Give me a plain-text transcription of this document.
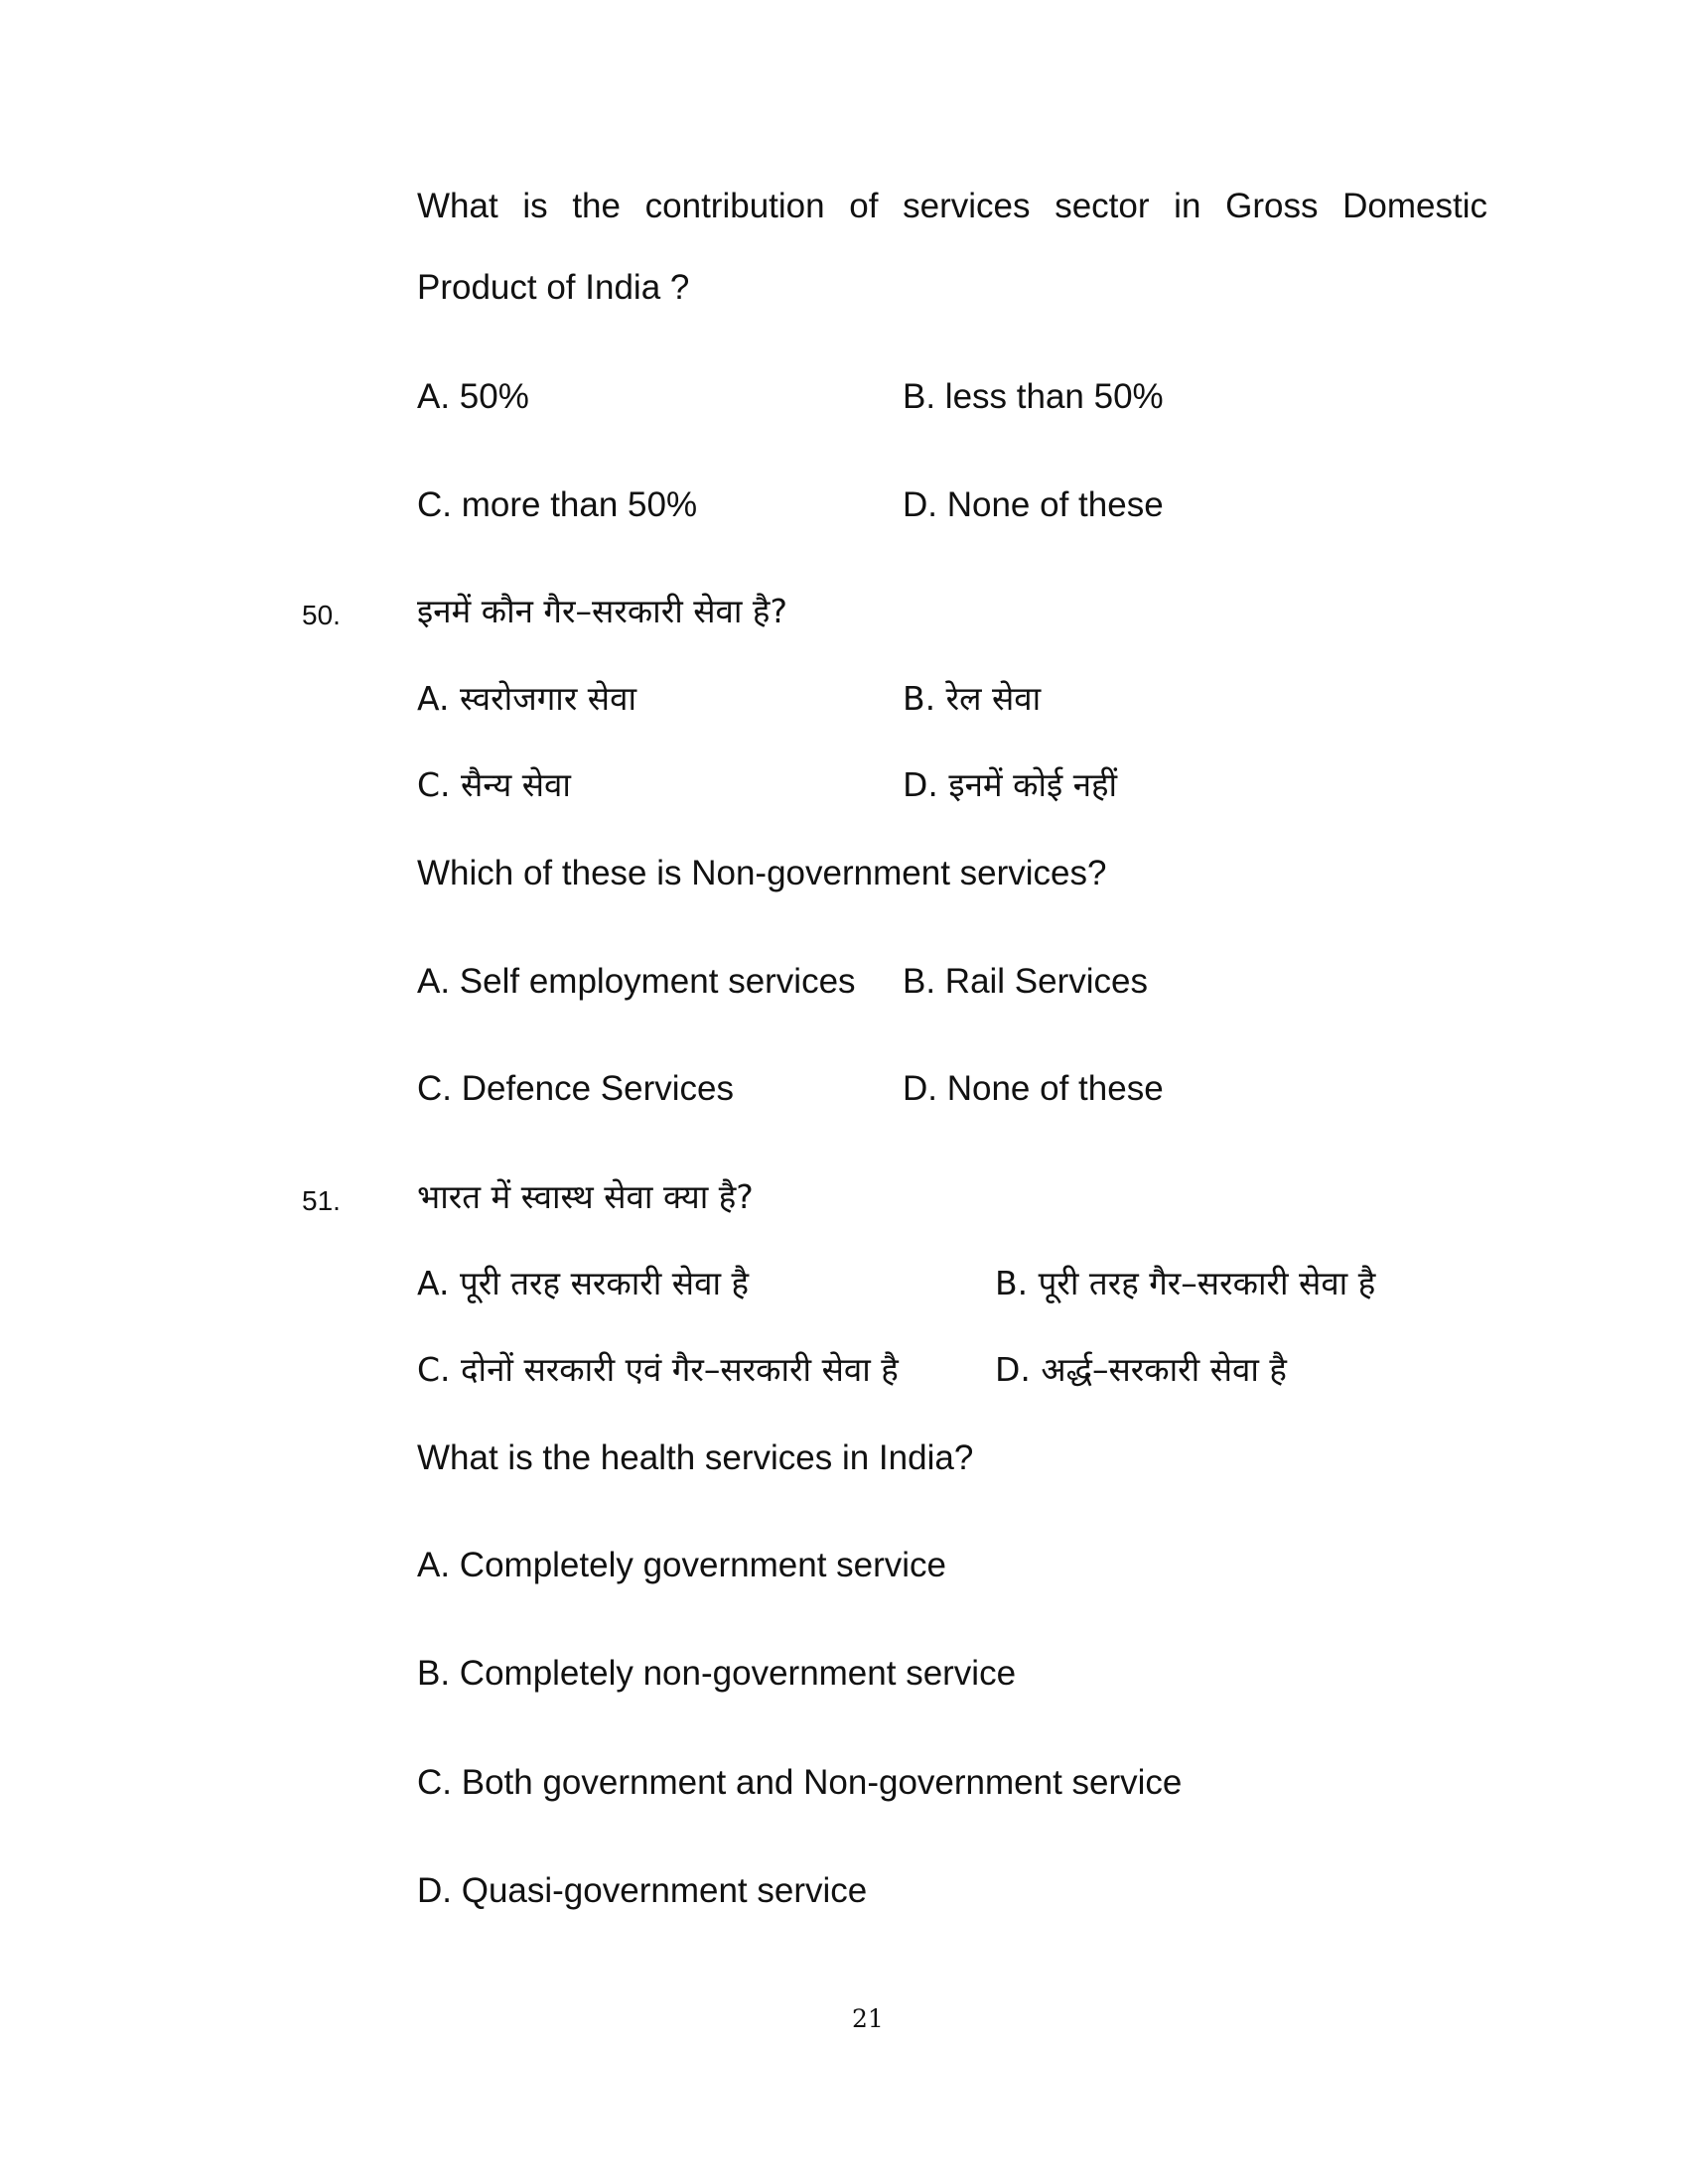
What is the contribution of services sector in Gross Domestic
Product of India ?
A. 50%	B. less than 50%
C. more than 50%	D. None of these
50. इनमें कौन गैर–सरकारी सेवा है?
A. स्वरोजगार सेवा	B. रेल सेवा
C. सैन्य सेवा	D. इनमें कोई नहीं
Which of these is Non-government services?
A. Self employment services B. Rail Services
C. Defence Services	D. None of these
51. भारत में स्वास्थ सेवा क्या है?
A. पूरी तरह सरकारी सेवा है	B. पूरी तरह गैर–सरकारी सेवा है
C. दोनों सरकारी एवं गैर–सरकारी सेवा है	D. अर्द्ध–सरकारी सेवा है
What is the health services in India?
A. Completely government service
B. Completely non-government service
C. Both government and Non-government service
D. Quasi-government service
21
